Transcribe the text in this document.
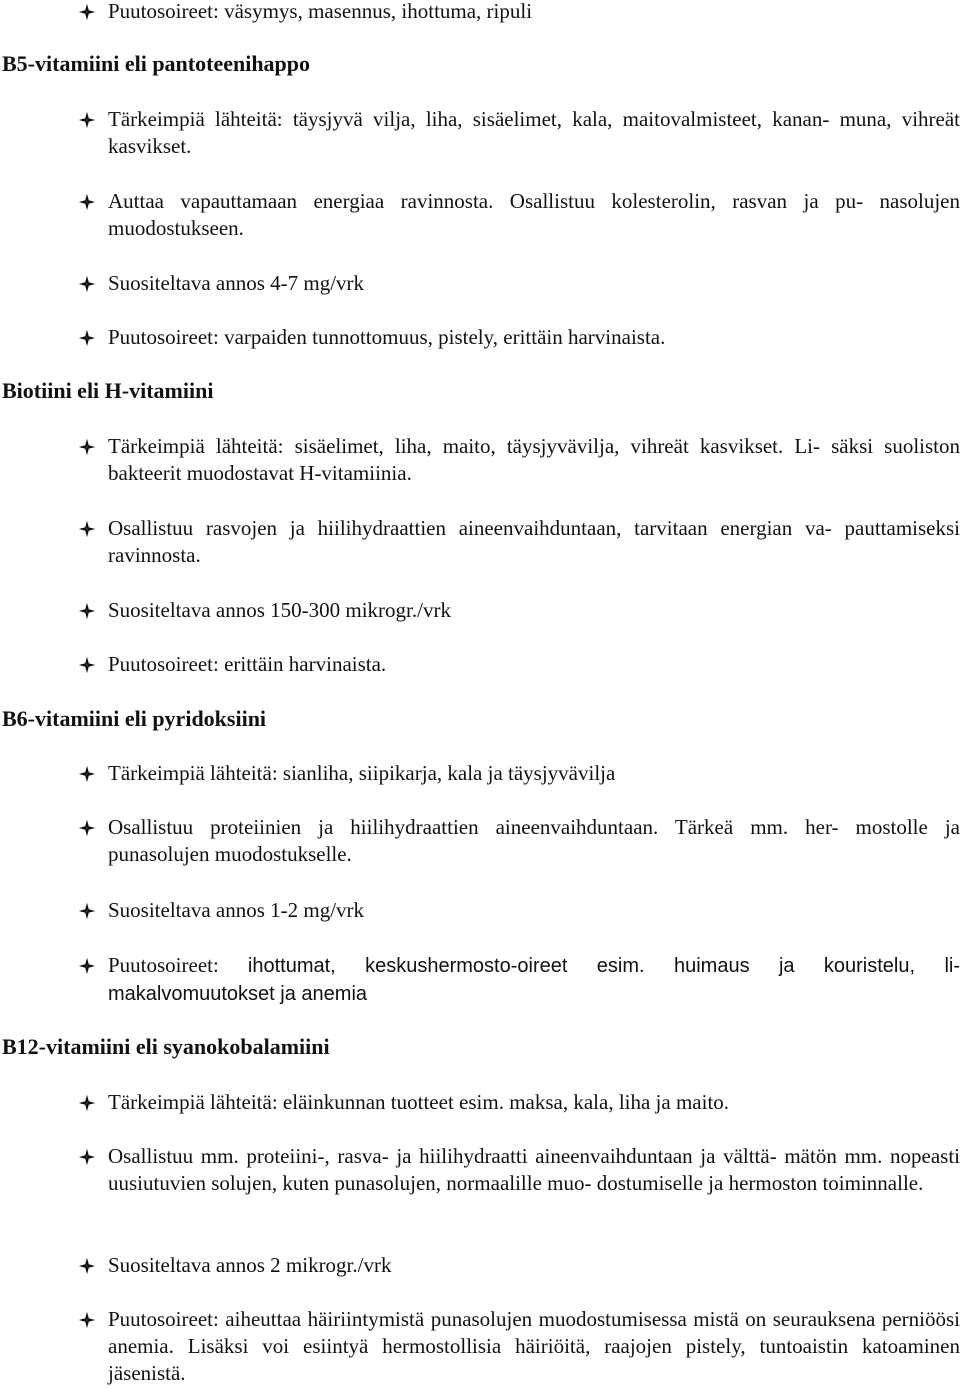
Puutosoireet: väsymys, masennus, ihottuma, ripuli
B5-vitamiini eli pantoteenihappo
Tärkeimpiä lähteitä: täysjyvä vilja, liha, sisäelimet, kala, maitovalmisteet, kanan- muna, vihreät kasvikset.
Auttaa vapauttamaan energiaa ravinnosta. Osallistuu kolesterolin, rasvan ja pu- nasolujen muodostukseen.
Suositeltava annos 4-7 mg/vrk
Puutosoireet: varpaiden tunnottomuus, pistely, erittäin harvinaista.
Biotiini eli H-vitamiini
Tärkeimpiä lähteitä: sisäelimet, liha, maito, täysjyvävilja, vihreät kasvikset. Li- säksi suoliston bakteerit muodostavat H-vitamiinia.
Osallistuu rasvojen ja hiilihydraattien aineenvaihduntaan, tarvitaan energian va- pauttamiseksi ravinnosta.
Suositeltava annos 150-300 mikrogr./vrk
Puutosoireet: erittäin harvinaista.
B6-vitamiini eli pyridoksiini
Tärkeimpiä lähteitä: sianliha, siipikarja, kala ja täysjyvävilja
Osallistuu proteiinien ja hiilihydraattien aineenvaihduntaan. Tärkeä mm. her- mostolle ja punasolujen muodostukselle.
Suositeltava annos 1-2 mg/vrk
Puutosoireet: ihottumat, keskushermosto-oireet esim. huimaus ja kouristelu, li- makalvomuutokset ja anemia
B12-vitamiini eli syanokobalamiini
Tärkeimpiä lähteitä: eläinkunnan tuotteet esim. maksa, kala, liha ja maito.
Osallistuu mm. proteiini-, rasva- ja hiilihydraatti aineenvaihduntaan ja välttä- mätön mm. nopeasti uusiutuvien solujen, kuten punasolujen, normaalille muo- dostumiselle ja hermoston toiminnalle.
Suositeltava annos 2 mikrogr./vrk
Puutosoireet: aiheuttaa häiriintymistä punasolujen muodostumisessa mistä on seurauksena perniöösi anemia. Lisäksi voi esiintyä hermostollisia häiriöitä, raajojen pistely, tuntoaistin katoaminen jäsenistä.
